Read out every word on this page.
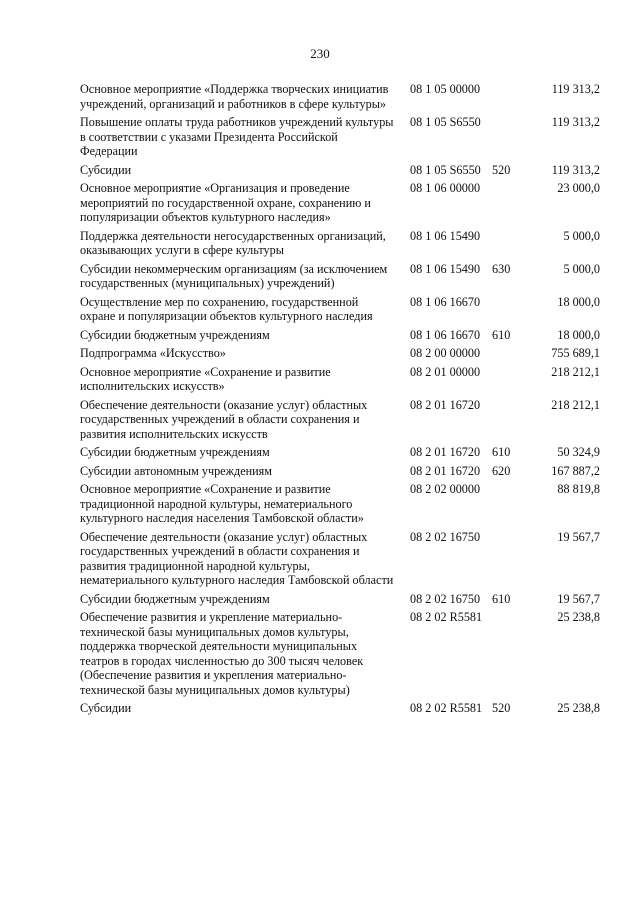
230
Основное мероприятие «Поддержка творческих инициатив учреждений, организаций и работников в сфере культуры»	08 1 05 00000		119 313,2
Повышение оплаты труда работников учреждений культуры в соответствии с указами Президента Российской Федерации	08 1 05 S6550		119 313,2
Субсидии	08 1 05 S6550	520	119 313,2
Основное мероприятие «Организация и проведение мероприятий по государственной охране, сохранению и популяризации объектов культурного наследия»	08 1 06 00000		23 000,0
Поддержка деятельности негосударственных организаций, оказывающих услуги в сфере культуры	08 1 06 15490		5 000,0
Субсидии некоммерческим организациям (за исключением государственных (муниципальных) учреждений)	08 1 06 15490	630	5 000,0
Осуществление мер по сохранению, государственной охране и популяризации объектов культурного наследия	08 1 06 16670		18 000,0
Субсидии бюджетным учреждениям	08 1 06 16670	610	18 000,0
Подпрограмма «Искусство»	08 2 00 00000		755 689,1
Основное мероприятие «Сохранение и развитие исполнительских искусств»	08 2 01 00000		218 212,1
Обеспечение деятельности (оказание услуг) областных государственных учреждений в области сохранения и развития исполнительских искусств	08 2 01 16720		218 212,1
Субсидии бюджетным учреждениям	08 2 01 16720	610	50 324,9
Субсидии автономным учреждениям	08 2 01 16720	620	167 887,2
Основное мероприятие «Сохранение и развитие традиционной народной культуры, нематериального культурного наследия населения Тамбовской области»	08 2 02 00000		88 819,8
Обеспечение деятельности (оказание услуг) областных государственных учреждений в области сохранения и развития традиционной народной культуры, нематериального культурного наследия Тамбовской области	08 2 02 16750		19 567,7
Субсидии бюджетным учреждениям	08 2 02 16750	610	19 567,7
Обеспечение развития и укрепление материально-технической базы муниципальных домов культуры, поддержка творческой деятельности муниципальных театров в городах численностью до 300 тысяч человек (Обеспечение развития и укрепления материально-технической базы муниципальных домов культуры)	08 2 02 R5581		25 238,8
Субсидии	08 2 02 R5581	520	25 238,8
